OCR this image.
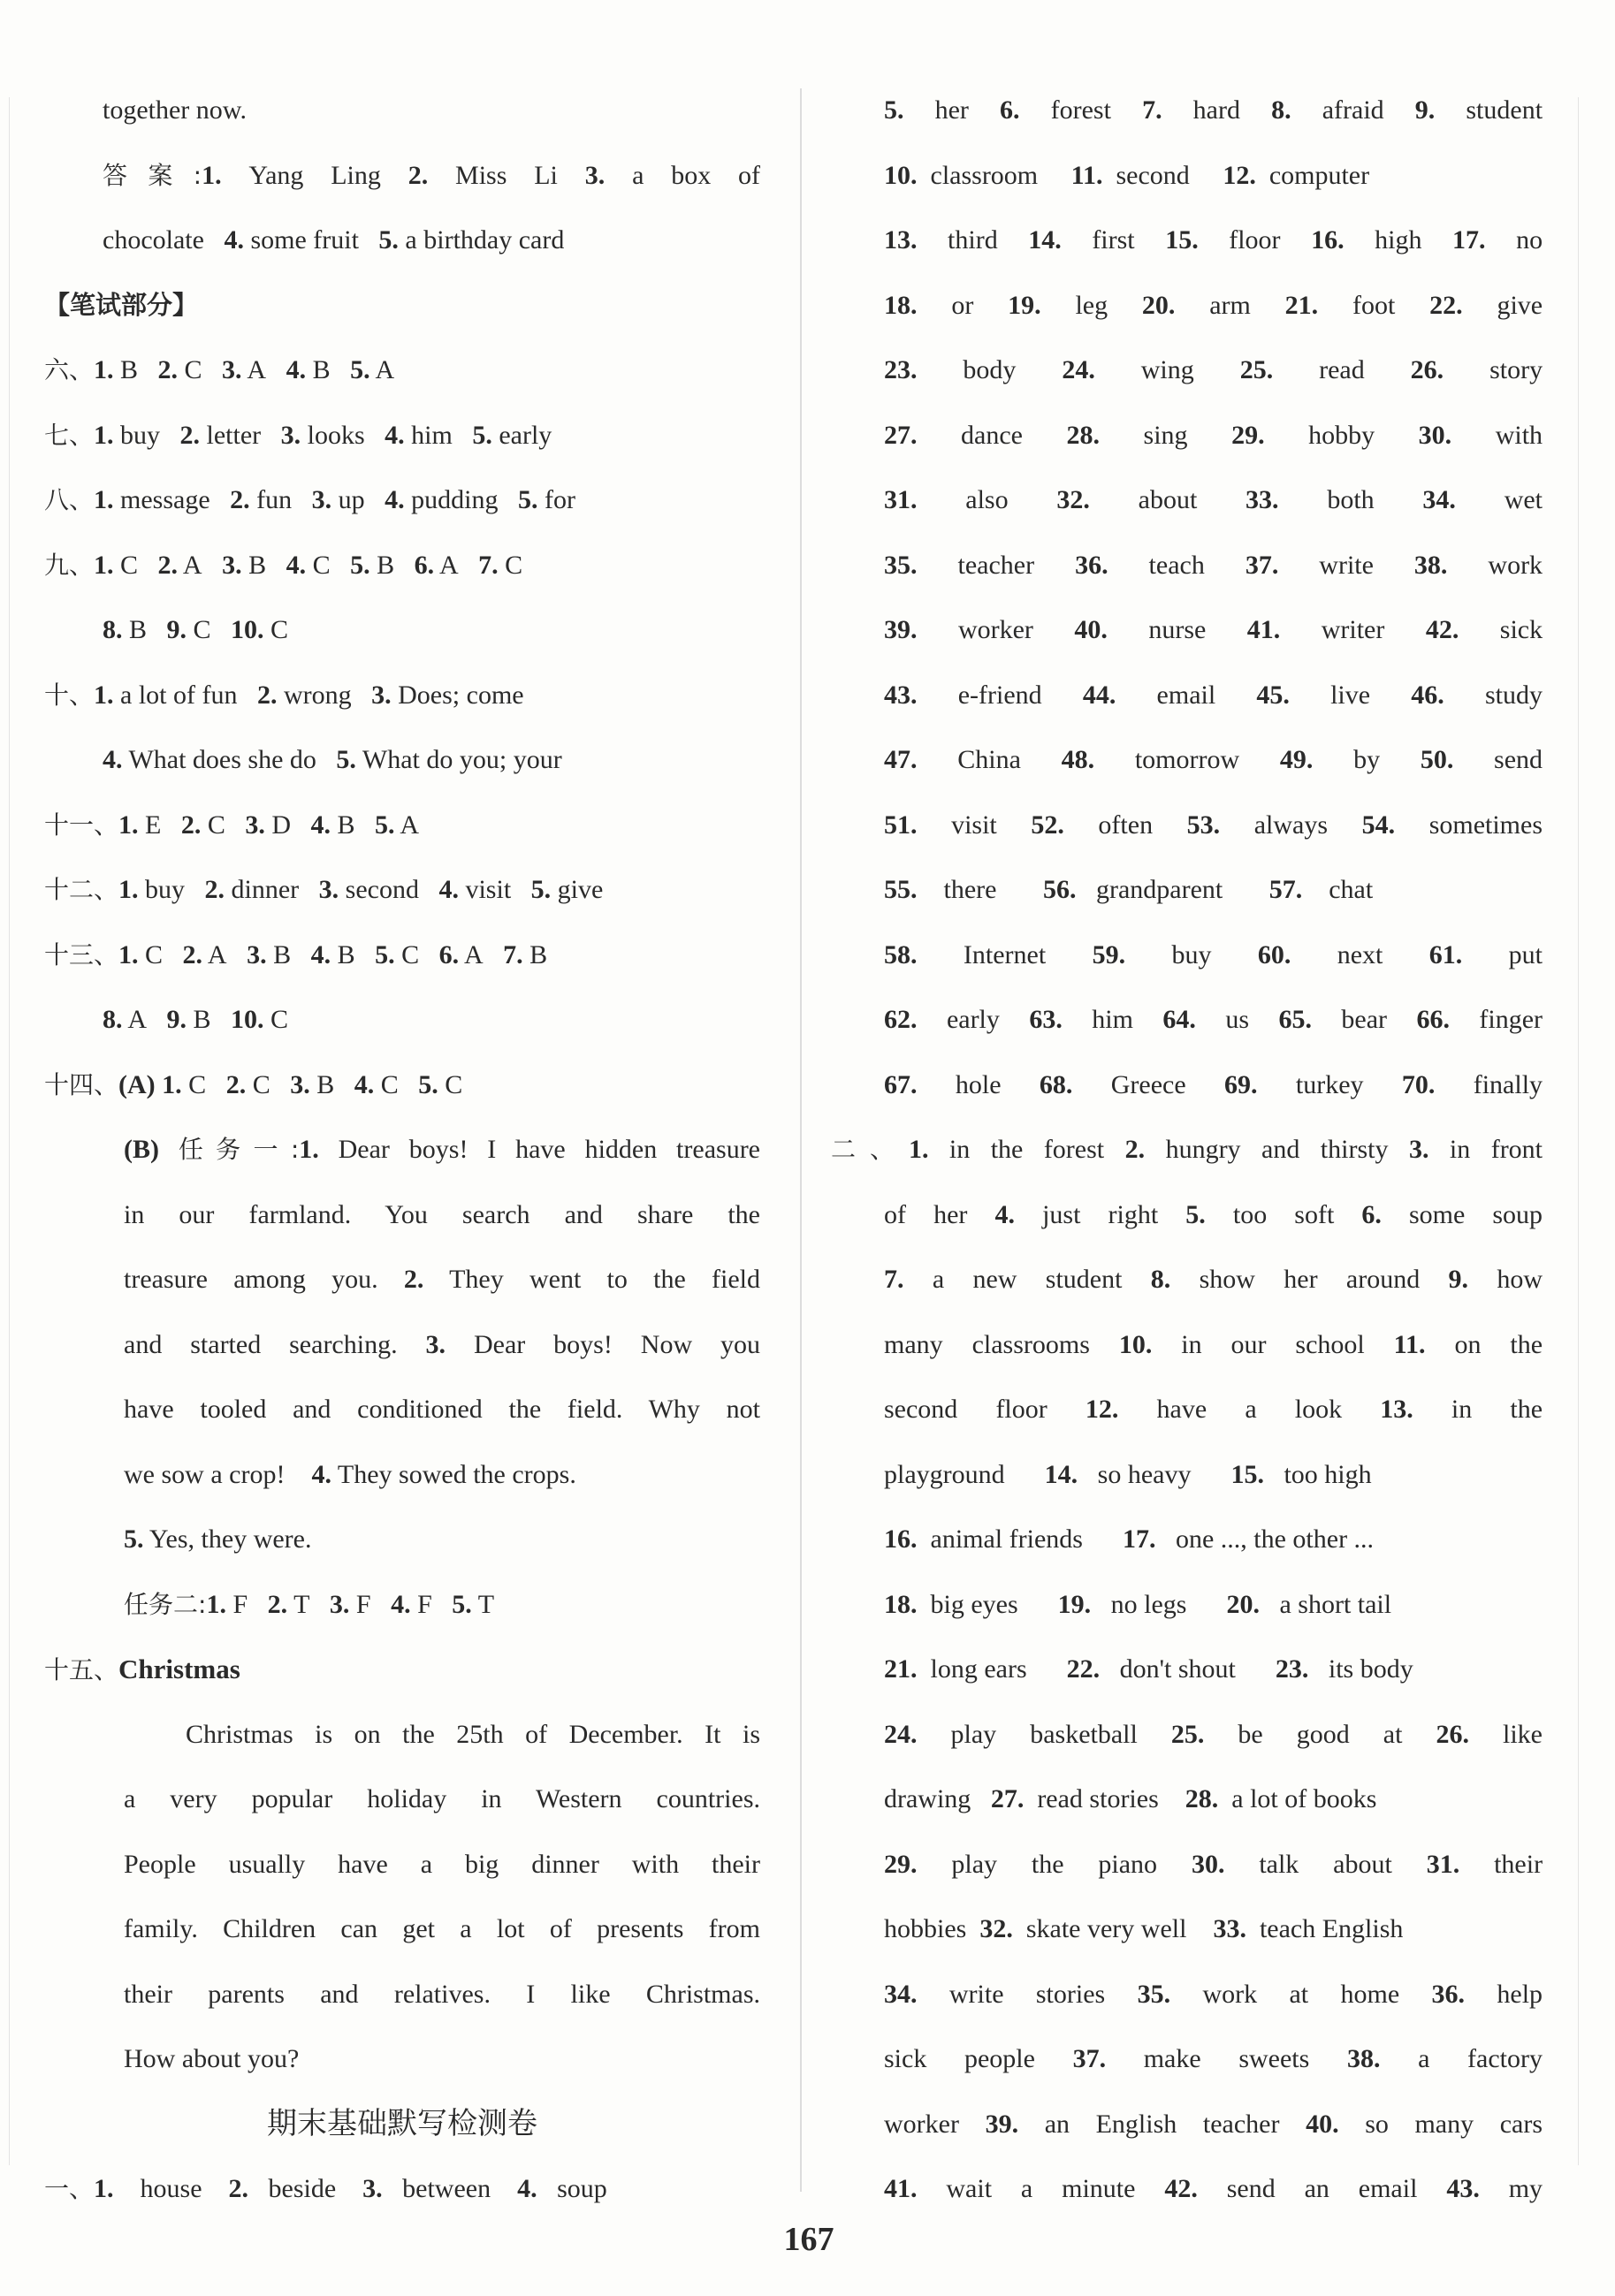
together now.
答案:1. Yang Ling 2. Miss Li 3. a box of
chocolate 4. some fruit 5. a birthday card
【笔试部分】
六、1. B 2. C 3. A 4. B 5. A
七、1. buy 2. letter 3. looks 4. him 5. early
八、1. message 2. fun 3. up 4. pudding 5. for
九、1. C 2. A 3. B 4. C 5. B 6. A 7. C
8. B 9. C 10. C
十、1. a lot of fun 2. wrong 3. Does; come
4. What does she do 5. What do you; your
十一、1. E 2. C 3. D 4. B 5. A
十二、1. buy 2. dinner 3. second 4. visit 5. give
十三、1. C 2. A 3. B 4. B 5. C 6. A 7. B
8. A 9. B 10. C
十四、(A) 1. C 2. C 3. B 4. C 5. C
(B) 任务一:1. Dear boys! I have hidden treasure
in our farmland. You search and share the
treasure among you. 2. They went to the field
and started searching. 3. Dear boys! Now you
have tooled and conditioned the field. Why not
we sow a crop! 4. They sowed the crops.
5. Yes, they were.
任务二:1. F 2. T 3. F 4. F 5. T
十五、Christmas
Christmas is on the 25th of December. It is
a very popular holiday in Western countries.
People usually have a big dinner with their
family. Children can get a lot of presents from
their parents and relatives. I like Christmas.
How about you?
期末基础默写检测卷
一、1. house 2. beside 3. between 4. soup
5. her 6. forest 7. hard 8. afraid 9. student
10. classroom 11. second 12. computer
13. third 14. first 15. floor 16. high 17. no
18. or 19. leg 20. arm 21. foot 22. give
23. body 24. wing 25. read 26. story
27. dance 28. sing 29. hobby 30. with
31. also 32. about 33. both 34. wet
35. teacher 36. teach 37. write 38. work
39. worker 40. nurse 41. writer 42. sick
43. e-friend 44. email 45. live 46. study
47. China 48. tomorrow 49. by 50. send
51. visit 52. often 53. always 54. sometimes
55. there 56. grandparent 57. chat
58. Internet 59. buy 60. next 61. put
62. early 63. him 64. us 65. bear 66. finger
67. hole 68. Greece 69. turkey 70. finally
二、1. in the forest 2. hungry and thirsty 3. in front
of her 4. just right 5. too soft 6. some soup
7. a new student 8. show her around 9. how
many classrooms 10. in our school 11. on the
second floor 12. have a look 13. in the
playground 14. so heavy 15. too high
16. animal friends 17. one ..., the other ...
18. big eyes 19. no legs 20. a short tail
21. long ears 22. don't shout 23. its body
24. play basketball 25. be good at 26. like
drawing 27. read stories 28. a lot of books
29. play the piano 30. talk about 31. their
hobbies 32. skate very well 33. teach English
34. write stories 35. work at home 36. help
sick people 37. make sweets 38. a factory
worker 39. an English teacher 40. so many cars
41. wait a minute 42. send an email 43. my
167
